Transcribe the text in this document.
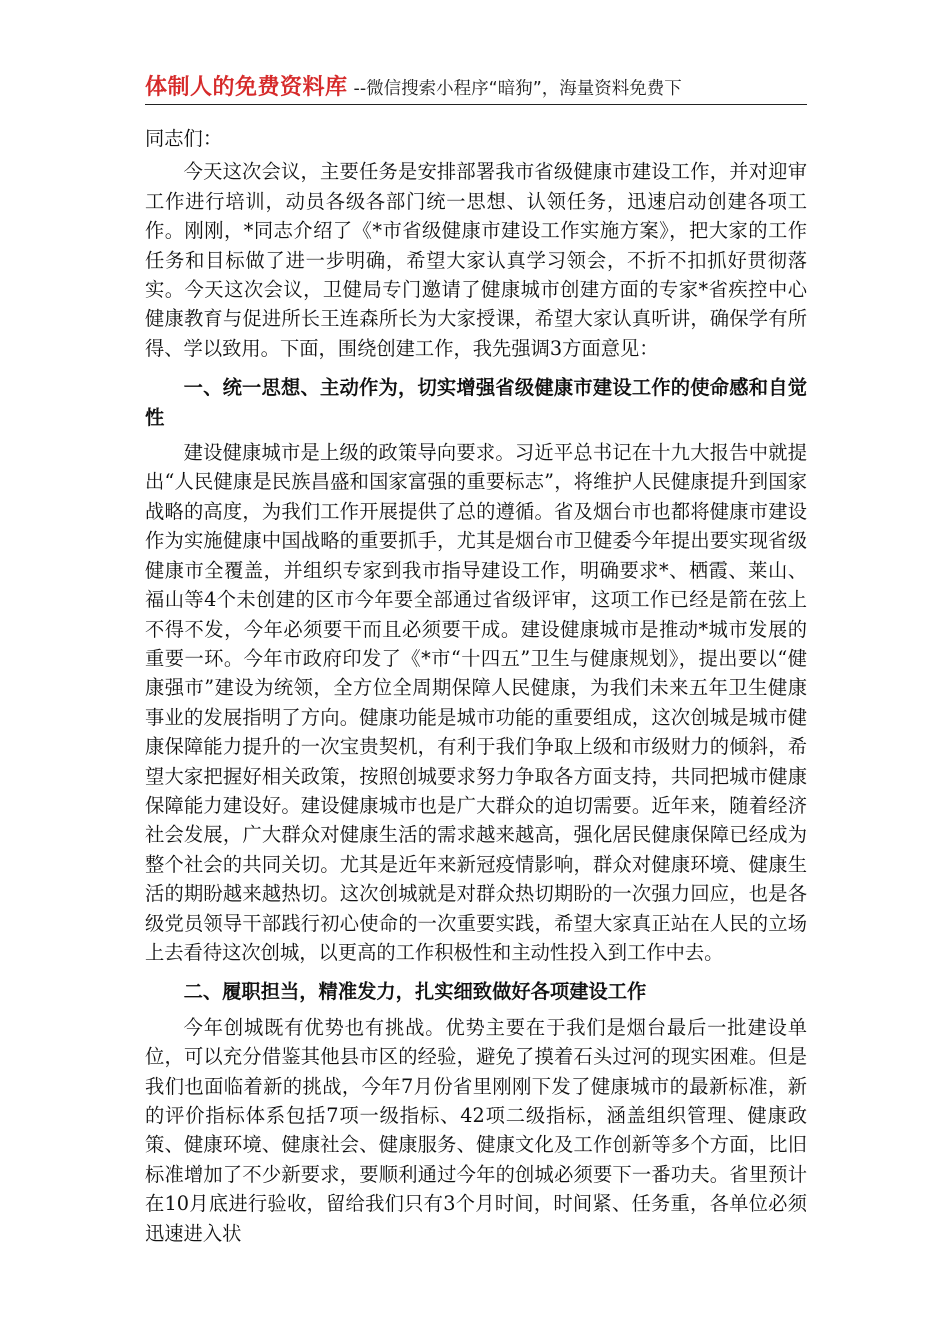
体制人的免费资料库 --微信搜索小程序“暗狗”，海量资料免费下

同志们：

今天这次会议，主要任务是安排部署我市省级健康市建设工作，并对迎审工作进行培训，动员各级各部门统一思想、认领任务，迅速启动创建各项工作。刚刚，*同志介绍了《*市省级健康市建设工作实施方案》，把大家的工作任务和目标做了进一步明确，希望大家认真学习领会，不折不扣抓好贯彻落实。今天这次会议，卫健局专门邀请了健康城市创建方面的专家*省疾控中心健康教育与促进所长王连森所长为大家授课，希望大家认真听讲，确保学有所得、学以致用。下面，围绕创建工作，我先强调3方面意见：

一、统一思想、主动作为，切实增强省级健康市建设工作的使命感和自觉性

建设健康城市是上级的政策导向要求。习近平总书记在十九大报告中就提出“人民健康是民族昌盛和国家富强的重要标志”，将维护人民健康提升到国家战略的高度，为我们工作开展提供了总的遵循。省及烟台市也都将健康市建设作为实施健康中国战略的重要抓手，尤其是烟台市卫健委今年提出要实现省级健康市全覆盖，并组织专家到我市指导建设工作，明确要求*、栖霞、莱山、福山等4个未创建的区市今年要全部通过省级评审，这项工作已经是箭在弦上不得不发，今年必须要干而且必须要干成。建设健康城市是推动*城市发展的重要一环。今年市政府印发了《*市“十四五”卫生与健康规划》，提出要以“健康强市”建设为统领，全方位全周期保障人民健康，为我们未来五年卫生健康事业的发展指明了方向。健康功能是城市功能的重要组成，这次创城是城市健康保障能力提升的一次宝贵契机，有利于我们争取上级和市级财力的倾斜，希望大家把握好相关政策，按照创城要求努力争取各方面支持，共同把城市健康保障能力建设好。建设健康城市也是广大群众的迫切需要。近年来，随着经济社会发展，广大群众对健康生活的需求越来越高，强化居民健康保障已经成为整个社会的共同关切。尤其是近年来新冠疫情影响，群众对健康环境、健康生活的期盼越来越热切。这次创城就是对群众热切期盼的一次强力回应，也是各级党员领导干部践行初心使命的一次重要实践，希望大家真正站在人民的立场上去看待这次创城，以更高的工作积极性和主动性投入到工作中去。

二、履职担当，精准发力，扎实细致做好各项建设工作

今年创城既有优势也有挑战。优势主要在于我们是烟台最后一批建设单位，可以充分借鉴其他县市区的经验，避免了摸着石头过河的现实困难。但是我们也面临着新的挑战，今年7月份省里刚刚下发了健康城市的最新标准，新的评价指标体系包括7项一级指标、42项二级指标，涵盖组织管理、健康政策、健康环境、健康社会、健康服务、健康文化及工作创新等多个方面，比旧标准增加了不少新要求，要顺利通过今年的创城必须要下一番功夫。省里预计在10月底进行验收，留给我们只有3个月时间，时间紧、任务重，各单位必须迅速进入状
